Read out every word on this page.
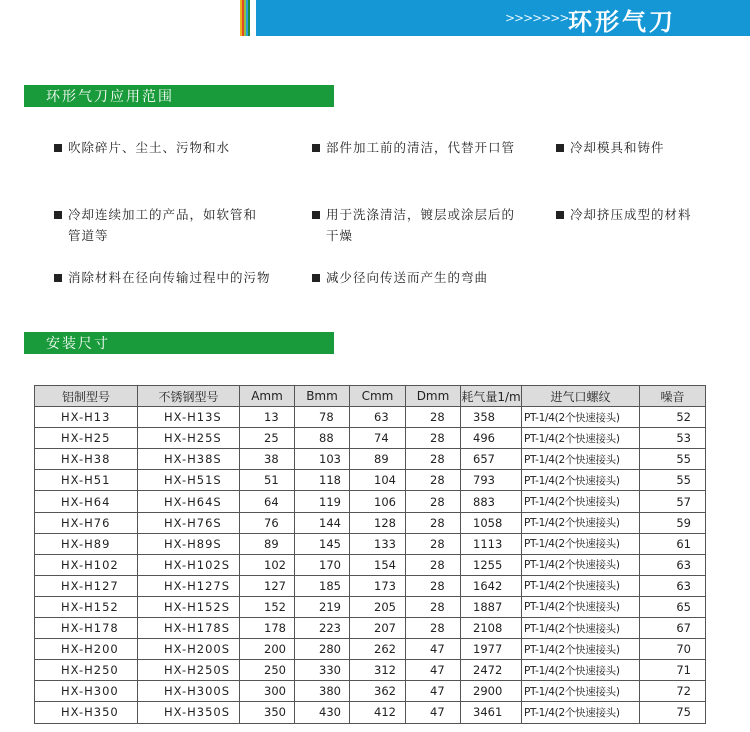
>>>>>>> 环形气刀
环形气刀应用范围
吹除碎片、尘土、污物和水	部件加工前的清洁，代替开口管	冷却模具和铸件
冷却连续加工的产品，如软管和
管道等
用于洗涤清洁，镀层或涂层后的
干燥
冷却挤压成型的材料
消除材料在径向传输过程中的污物	减少径向传送而产生的弯曲
安装尺寸
铝制型号	不锈钢型号	Amm	Bmm	Cmm	Dmm	耗气量1/m	进气口螺纹	噪音
HX-H13	HX-H13S	13	78	63	28	358	PT-1/4(2个快速接头)	52
HX-H25	HX-H25S	25	88	74	28	496	PT-1/4(2个快速接头)	53
HX-H38	HX-H38S	38	103	89	28	657	PT-1/4(2个快速接头)	55
HX-H51	HX-H51S	51	118	104	28	793	PT-1/4(2个快速接头)	55
HX-H64	HX-H64S	64	119	106	28	883	PT-1/4(2个快速接头)	57
HX-H76	HX-H76S	76	144	128	28	1058	PT-1/4(2个快速接头)	59
HX-H89	HX-H89S	89	145	133	28	1113	PT-1/4(2个快速接头)	61
HX-H102	HX-H102S	102	170	154	28	1255	PT-1/4(2个快速接头)	63
HX-H127	HX-H127S	127	185	173	28	1642	PT-1/4(2个快速接头)	63
HX-H152	HX-H152S	152	219	205	28	1887	PT-1/4(2个快速接头)	65
HX-H178	HX-H178S	178	223	207	28	2108	PT-1/4(2个快速接头)	67
HX-H200	HX-H200S	200	280	262	47	1977	PT-1/4(2个快速接头)	70
HX-H250	HX-H250S	250	330	312	47	2472	PT-1/4(2个快速接头)	71
HX-H300	HX-H300S	300	380	362	47	2900	PT-1/4(2个快速接头)	72
HX-H350	HX-H350S	350	430	412	47	3461	PT-1/4(2个快速接头)	75
